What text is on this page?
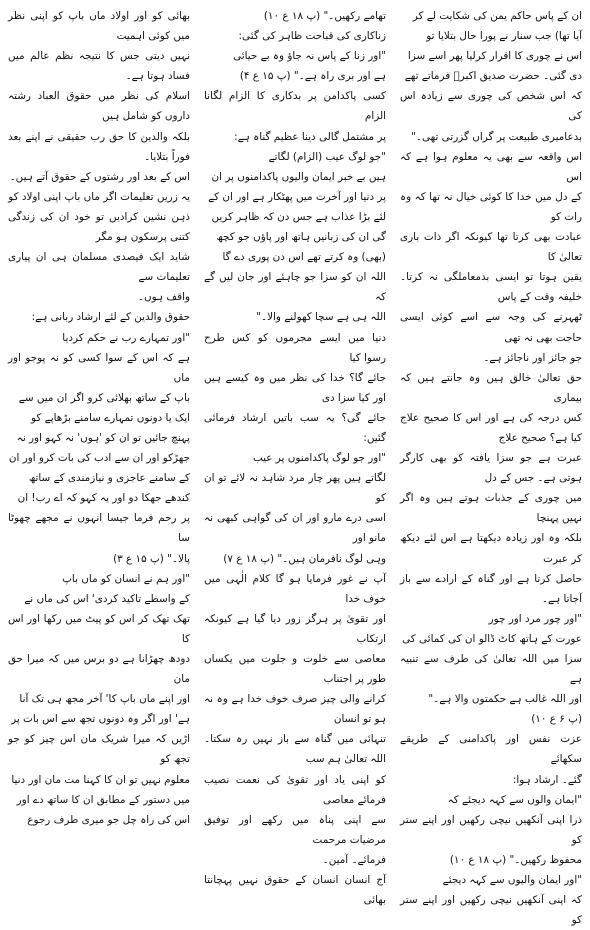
ان کے پاس حاکم یمن کی شکایت لے کر

آیا تھا) جب سنار نے پورا حال بتلایا تو

اس نے چوری کا اقرار کرلیا پھر اسے سزا

دی گئی۔ حضرت صدیق اکبرؓ فرماتے تھے

کہ اس شخص کی چوری سے زیادہ اس کی

بدعامیری طبیعت پر گراں گزرتی تھی۔"

اس واقعہ سے بھی یہ معلوم ہوا ہے کہ اس

کے دل میں خدا کا کوئی خیال نہ تھا کہ وہ رات کو

عبادت بھی کرتا تھا کیونکہ اگر ذات باری تعالیٰ کا

یقین ہوتا تو ایسی بدمعاملگی نہ کرتا۔ خلیفہ وقت کے پاس

ٹھہرنے کی وجہ سے اسے کوئی ایسی حاجت بھی نہ تھی

جو جائز اور ناجائز ہے۔

حق تعالیٰ خالق ہیں وہ جانتے ہیں کہ بیماری

کس درجہ کی ہے اور اس کا صحیح علاج کیا ہے؟ صحیح علاج

عبرت ہے جو سزا یافتہ کو بھی کارگر ہوتی ہے۔ جس کے دل

میں چوری کے جذبات ہوتے ہیں وہ اگر نہیں پہنچا

بلکہ وہ اور زیادہ دیکھتا ہے اس لئے دیکھ کر عبرت

حاصل کرتا ہے اور گناہ کے ارادے سے باز آجاتا ہے۔

"اور چور مرد اور چور

عورت کے ہاتھ کاٹ ڈالو ان کی کمائی کی

سزا میں اللہ تعالیٰ کی طرف سے تنبیہ ہے

اور اللہ غالب ہے حکمتوں والا ہے۔"

(پ ۶ ع ۱۰)

عزت نفس اور پاکدامنی کے طریقے سکھائے

گئے۔ ارشاد ہوا:

"ایمان والوں سے کہہ دیجئے کہ

ذرا اپنی آنکھیں نیچی رکھیں اور اپنے ستر کو

محفوظ رکھیں۔" (پ ۱۸ ع ۱۰)

"اور ایمان والیوں سے کہہ دیجئے

کہ اپنی آنکھیں نیچی رکھیں اور اپنے ستر کو

تھامے رکھیں۔" (پ ۱۸ ع ۱۰)

زناکاری کی قباحت ظاہر کی گئی:

"اور زنا کے پاس نہ جاؤ وہ بے حیائی

ہے اور بری راہ ہے۔" (پ ۱۵ ع ۴)

کسی پاکدامن پر بدکاری کا الزام لگانا الزام

پر مشتمل گالی دینا عظیم گناہ ہے:

"جو لوگ عیب (الزام) لگاتے

ہیں بے خبر ایمان والیوں پاکدامنوں پر ان

پر دنیا اور آخرت میں پھٹکار ہے اور ان کے

لئے بڑا عذاب ہے جس دن کہ ظاہر کریں

گی ان کی زبانیں ہاتھ اور پاؤں جو کچھ

(بھی) وہ کرتے تھے اس دن پوری دے گا

اللہ ان کو سزا جو چاہئے اور جان لیں گے کہ

اللہ ہی ہے سچا کھولنے والا۔"

دنیا میں ایسے مجرموں کو کس طرح رسوا کیا

جائے گا؟ خدا کی نظر میں وہ کیسے ہیں اور کیا سزا دی

جائے گی؟ یہ سب باتیں ارشاد فرمائی گئیں:

"اور جو لوگ پاکدامنوں پر عیب

لگاتے ہیں پھر چار مرد شاہد نہ لائے تو ان کو

اسی درے مارو اور ان کی گواہی کبھی نہ مانو اور

وہی لوگ نافرمان ہیں۔" (پ ۱۸ ع ۷)

آپ نے غور فرمایا ہو گا کلام الٰہی میں خوف خدا

اور تقویٰ پر ہرگز زور دیا گیا ہے کیونکہ ارتکاب

معاصی سے خلوت و جلوت میں یکساں طور پر اجتناب

کرانے والی چیز صرف خوف خدا ہے وہ نہ ہو تو انسان

تنہائی میں گناہ سے باز نہیں رہ سکتا۔ اللہ تعالیٰ ہم سب

کو اپنی یاد اور تقویٰ کی نعمت نصیب فرمائے معاصی

سے اپنی پناہ میں رکھے اور توفیق مرضیات مرحمت

فرمائے۔ آمین۔

آج انسان انسان کے حقوق نہیں پہچانتا بھائی

بھائی کو اور اولاد ماں باپ کو اپنی نظر میں کوئی اہمیت

نہیں دیتی جس کا نتیجہ نظم عالم میں فساد ہوتا ہے۔

اسلام کی نظر میں حقوق العباد رشتہ داروں کو شامل ہیں

بلکہ والدین کا حق رب حقیقی نے اپنے بعد فوراً بتلایا۔

اس کے بعد اور رشتوں کے حقوق آتے ہیں۔

یہ زریں تعلیمات اگر ماں باپ اپنی اولاد کو

ذہن نشین کرادیں تو خود ان کی زندگی کتنی پرسکون ہو مگر

شاید ایک فیصدی مسلمان ہی ان پیاری تعلیمات سے

واقف ہوں۔

حقوق والدین کے لئے ارشاد ربانی ہے:

"اور تمہارے رب نے حکم کردیا

ہے کہ اس کے سوا کسی کو نہ پوجو اور ماں

باپ کے ساتھ بھلائی کرو اگر ان میں سے

ایک یا دونوں تمہارے سامنے بڑھاپے کو

پہنچ جائیں تو ان کو 'ہوں' نہ کہو اور نہ

جھڑکو اور ان سے ادب کی بات کرو اور ان

کے سامنے عاجزی و نیازمندی کے ساتھ

کندھے جھکا دو اور یہ کہو کہ اے رب! ان

پر رحم فرما جیسا انہوں نے مجھے چھوٹا سا

پالا۔" (پ ۱۵ ع ۳)

"اور ہم نے انسان کو ماں باپ

کے واسطے تاکید کردی' اس کی ماں نے

تھک تھک کر اس کو پیٹ میں رکھا اور اس کا

دودھ چھڑانا ہے دو برس میں کہ میرا حق مان

اور اپنے ماں باپ کا' آخر مجھ ہی تک آنا

ہے' اور اگر وہ دونوں تجھ سے اس بات پر

اڑیں کہ میرا شریک مان اس چیز کو جو تجھ کو

معلوم نہیں تو ان کا کہنا مت مان اور دنیا

میں دستور کے مطابق ان کا ساتھ دے اور

اس کی راہ چل جو میری طرف رجوع
